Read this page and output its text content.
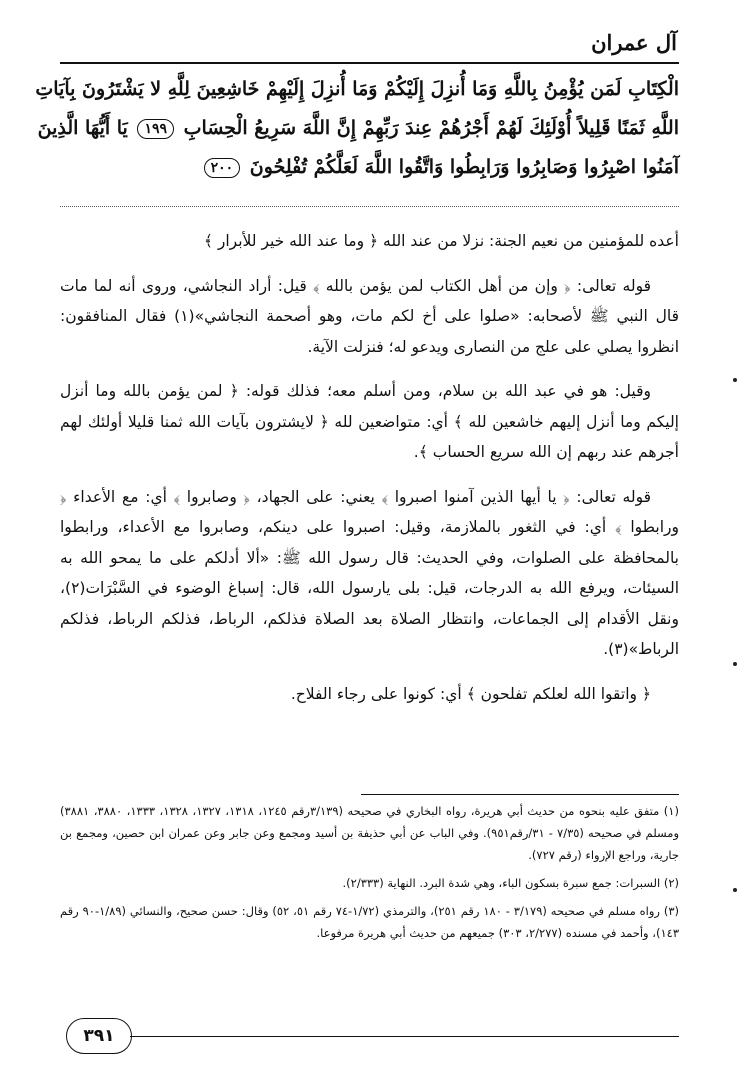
آل عمران
الْكِتَابِ لَمَن يُؤْمِنُ بِاللَّهِ وَمَا أُنزِلَ إِلَيْكُمْ وَمَا أُنزِلَ إِلَيْهِمْ خَاشِعِينَ لِلَّهِ لا يَشْتَرُونَ بِآيَاتِ
اللَّهِ ثَمَنًا قَلِيلاً أُوْلَئِكَ لَهُمْ أَجْرُهُمْ عِندَ رَبِّهِمْ إِنَّ اللَّهَ سَرِيعُ الْحِسَابِ ١٩٩ يَا أَيُّهَا الَّذِينَ
آمَنُوا اصْبِرُوا وَصَابِرُوا وَرَابِطُوا وَاتَّقُوا اللَّهَ لَعَلَّكُمْ تُفْلِحُونَ ٢٠٠

أعده للمؤمنين من نعيم الجنة: نزلا من عند الله ﴿ وما عند الله خير للأبرار ﴾

قوله تعالى: ﴿ وإن من أهل الكتاب لمن يؤمن بالله ﴾ قيل: أراد النجاشي، وروى أنه لما مات قال النبي ﷺ لأصحابه: «صلوا على أخ لكم مات، وهو أصحمة النجاشي»(١) فقال المنافقون: انظروا يصلي على علج من النصارى ويدعو له؛ فنزلت الآية.

وقيل: هو في عبد الله بن سلام، ومن أسلم معه؛ فذلك قوله: ﴿ لمن يؤمن بالله وما أنزل إليكم وما أنزل إليهم خاشعين لله ﴾ أي: متواضعين لله ﴿ لايشترون بآيات الله ثمنا قليلا أولئك لهم أجرهم عند ربهم إن الله سريع الحساب ﴾.

قوله تعالى: ﴿ يا أيها الذين آمنوا اصبروا ﴾ يعني: على الجهاد، ﴿ وصابروا ﴾ أي: مع الأعداء ﴿ ورابطوا ﴾ أي: في الثغور بالملازمة، وقيل: اصبروا على دينكم، وصابروا مع الأعداء، ورابطوا بالمحافظة على الصلوات، وفي الحديث: قال رسول الله ﷺ: «ألا أدلكم على ما يمحو الله به السيئات، ويرفع الله به الدرجات، قيل: بلى يارسول الله، قال: إسباغ الوضوء في السَّبْرَات(٢)، ونقل الأقدام إلى الجماعات، وانتظار الصلاة بعد الصلاة فذلكم، الرباط، فذلكم الرباط، فذلكم الرباط»(٣).

﴿ واتقوا الله لعلكم تفلحون ﴾ أي: كونوا على رجاء الفلاح.

(١) متفق عليه بنحوه من حديث أبي هريرة، رواه البخاري في صحيحه (٣/١٣٩رقم ١٢٤٥، ١٣١٨، ١٣٢٧، ١٣٢٨، ١٣٣٣، ٣٨٨٠، ٣٨٨١) ومسلم في صحيحه (٧/٣٥ - ٣١/رقم٩٥١). وفي الباب عن أبي حذيفة بن أسيد ومجمع وعن جابر وعن عمران ابن حصين، ومجمع بن جارية، وراجع الإرواء (رقم ٧٢٧).

(٢) السبرات: جمع سبرة بسكون الباء، وهي شدة البرد. النهاية (٢/٣٣٣).

(٣) رواه مسلم في صحيحه (٣/١٧٩ - ١٨٠ رقم ٢٥١)، والترمذي (١/٧٢-٧٤ رقم ٥١، ٥٢) وقال: حسن صحيح، والنسائي (١/٨٩-٩٠ رقم ١٤٣)، وأحمد في مسنده (٢/٢٧٧، ٣٠٣) جميعهم من حديث أبي هريرة مرفوعا.

٣٩١
